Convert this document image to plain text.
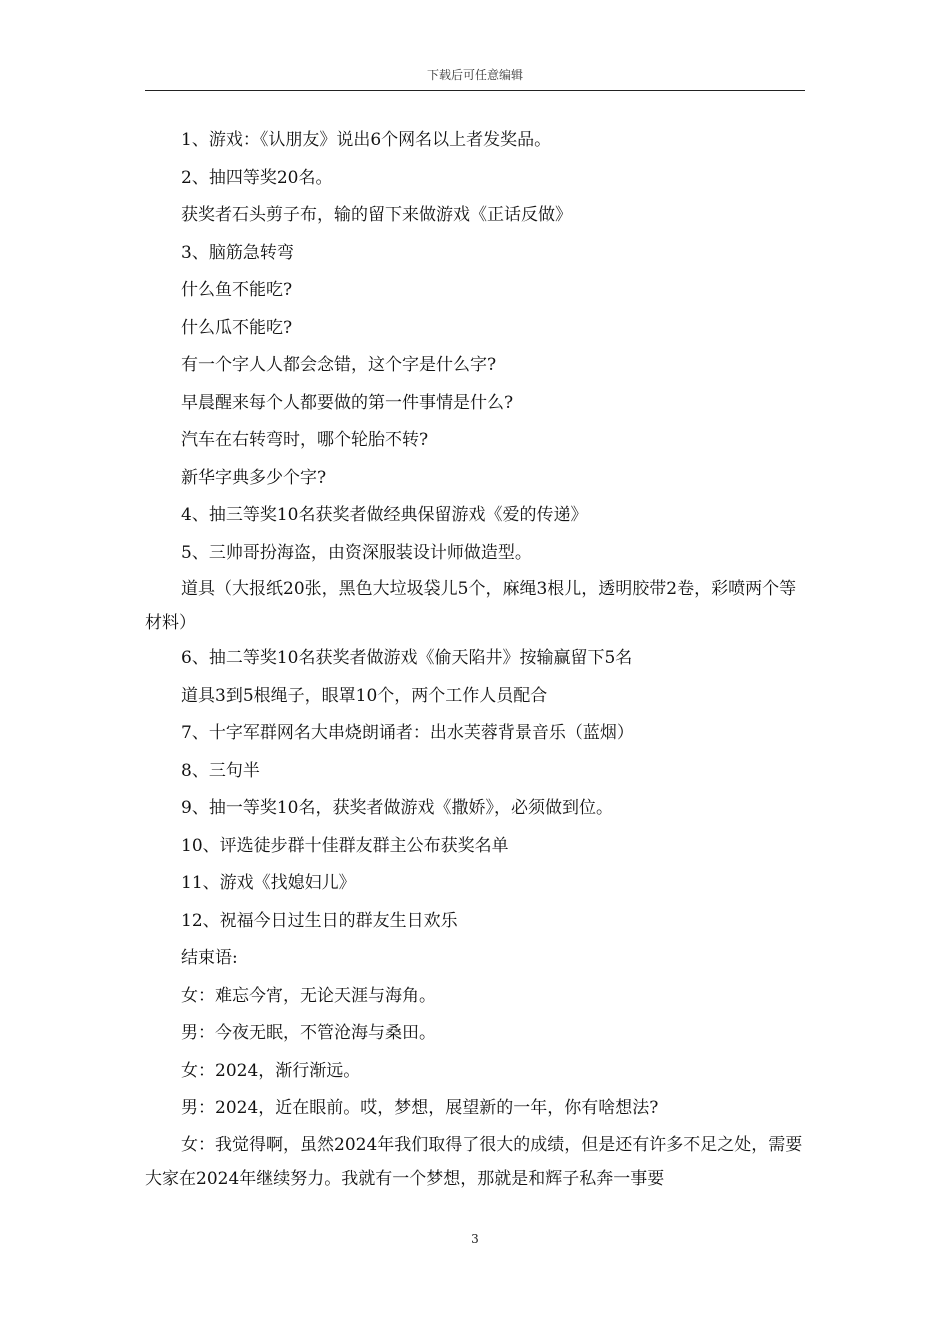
下载后可任意编辑

1、游戏：《认朋友》说出6个网名以上者发奖品。

2、抽四等奖20名。

获奖者石头剪子布，输的留下来做游戏《正话反做》

3、脑筋急转弯

什么鱼不能吃?

什么瓜不能吃?

有一个字人人都会念错，这个字是什么字?

早晨醒来每个人都要做的第一件事情是什么?

汽车在右转弯时，哪个轮胎不转?

新华字典多少个字?

4、抽三等奖10名获奖者做经典保留游戏《爱的传递》

5、三帅哥扮海盗，由资深服装设计师做造型。

道具（大报纸20张，黑色大垃圾袋儿5个，麻绳3根儿，透明胶带2卷，彩喷两个等材料）

6、抽二等奖10名获奖者做游戏《偷天陷井》按输赢留下5名

道具3到5根绳子，眼罩10个，两个工作人员配合

7、十字军群网名大串烧朗诵者：出水芙蓉背景音乐（蓝烟）

8、三句半

9、抽一等奖10名，获奖者做游戏《撒娇》，必须做到位。

10、评选徒步群十佳群友群主公布获奖名单

11、游戏《找媳妇儿》

12、祝福今日过生日的群友生日欢乐

结束语:

女：难忘今宵，无论天涯与海角。

男：今夜无眠，不管沧海与桑田。

女：2024，渐行渐远。

男：2024，近在眼前。哎，梦想，展望新的一年，你有啥想法?

女：我觉得啊，虽然2024年我们取得了很大的成绩，但是还有许多不足之处，需要大家在2024年继续努力。我就有一个梦想，那就是和辉子私奔一事要

3
